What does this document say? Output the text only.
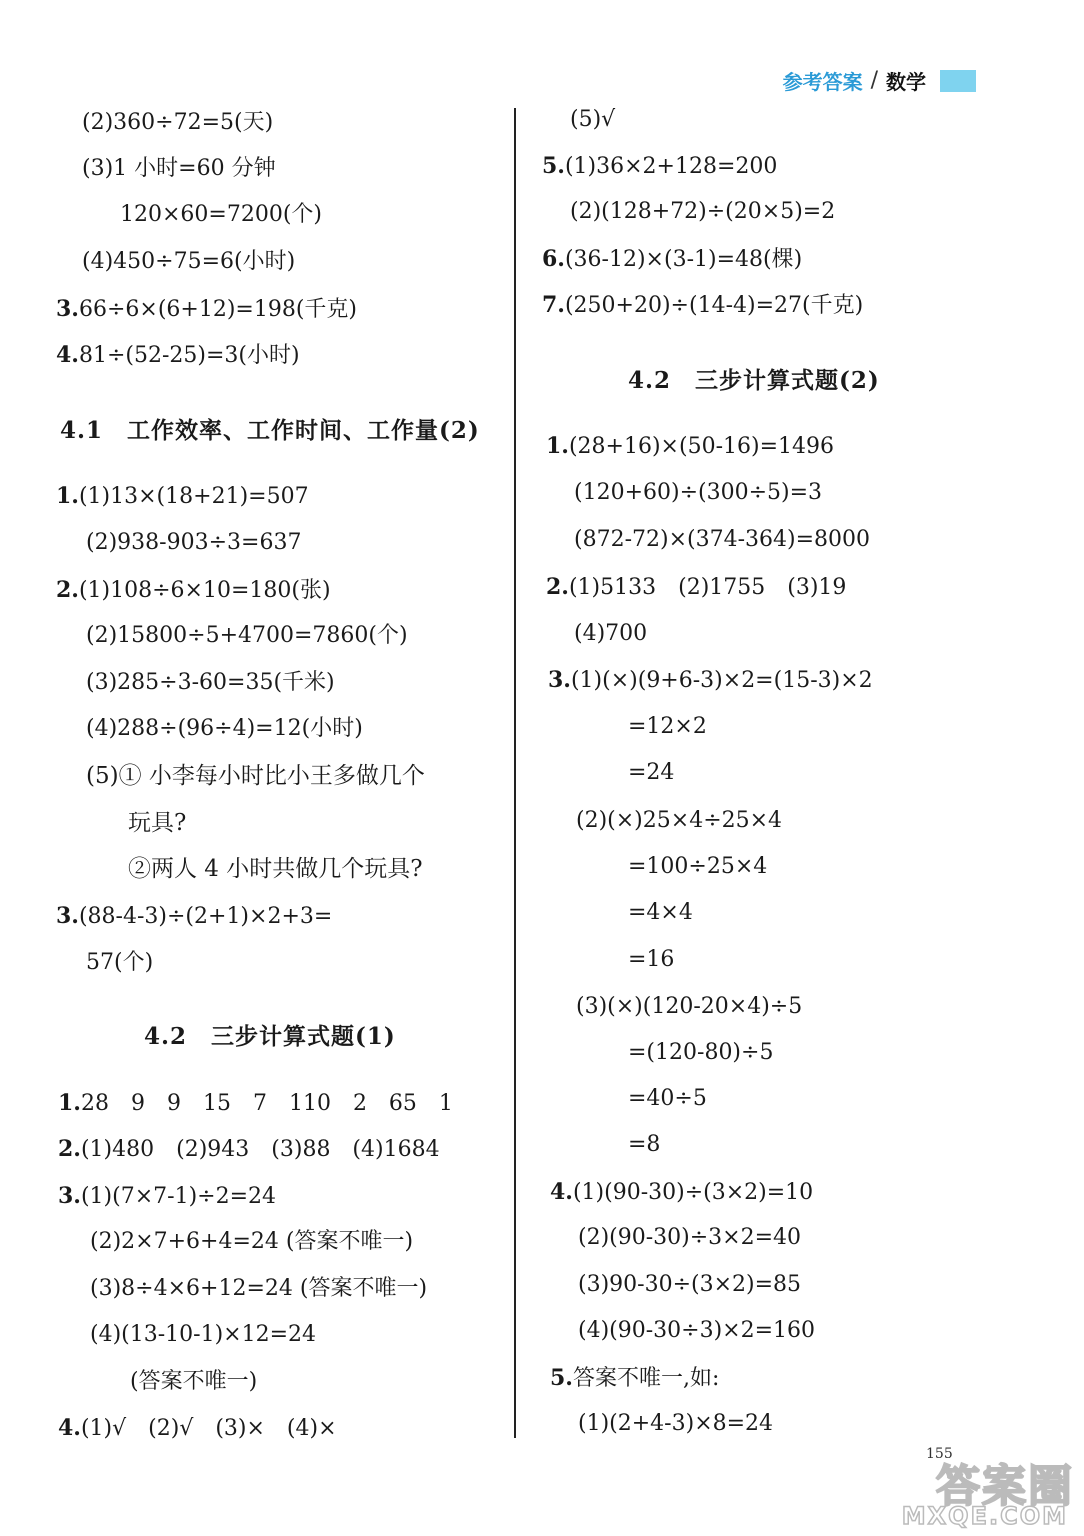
参考答案 / 数学
(2)360÷72=5(天)
(3)1 小时=60 分钟
120×60=7200(个)
(4)450÷75=6(小时)
3.66÷6×(6+12)=198(千克)
4.81÷(52-25)=3(小时)
4.1　工作效率、工作时间、工作量(2)
1.(1)13×(18+21)=507
(2)938-903÷3=637
2.(1)108÷6×10=180(张)
(2)15800÷5+4700=7860(个)
(3)285÷3-60=35(千米)
(4)288÷(96÷4)=12(小时)
(5)① 小李每小时比小王多做几个
玩具?
②两人 4 小时共做几个玩具?
3.(88-4-3)÷(2+1)×2+3=
57(个)
4.2　三步计算式题(1)
1.28　9　9　15　7　110　2　65　1
2.(1)480　(2)943　(3)88　(4)1684
3.(1)(7×7-1)÷2=24
(2)2×7+6+4=24 (答案不唯一)
(3)8÷4×6+12=24 (答案不唯一)
(4)(13-10-1)×12=24
(答案不唯一)
4.(1)√　(2)√　(3)×　(4)×
(5)√
5.(1)36×2+128=200
(2)(128+72)÷(20×5)=2
6.(36-12)×(3-1)=48(棵)
7.(250+20)÷(14-4)=27(千克)
4.2　三步计算式题(2)
1.(28+16)×(50-16)=1496
(120+60)÷(300÷5)=3
(872-72)×(374-364)=8000
2.(1)5133　(2)1755　(3)19
(4)700
3.(1)(×)(9+6-3)×2=(15-3)×2
=12×2
=24
(2)(×)25×4÷25×4
=100÷25×4
=4×4
=16
(3)(×)(120-20×4)÷5
=(120-80)÷5
=40÷5
=8
4.(1)(90-30)÷(3×2)=10
(2)(90-30)÷3×2=40
(3)90-30÷(3×2)=85
(4)(90-30÷3)×2=160
5.答案不唯一,如:
(1)(2+4-3)×8=24
155
答案圈
MXQE.COM
